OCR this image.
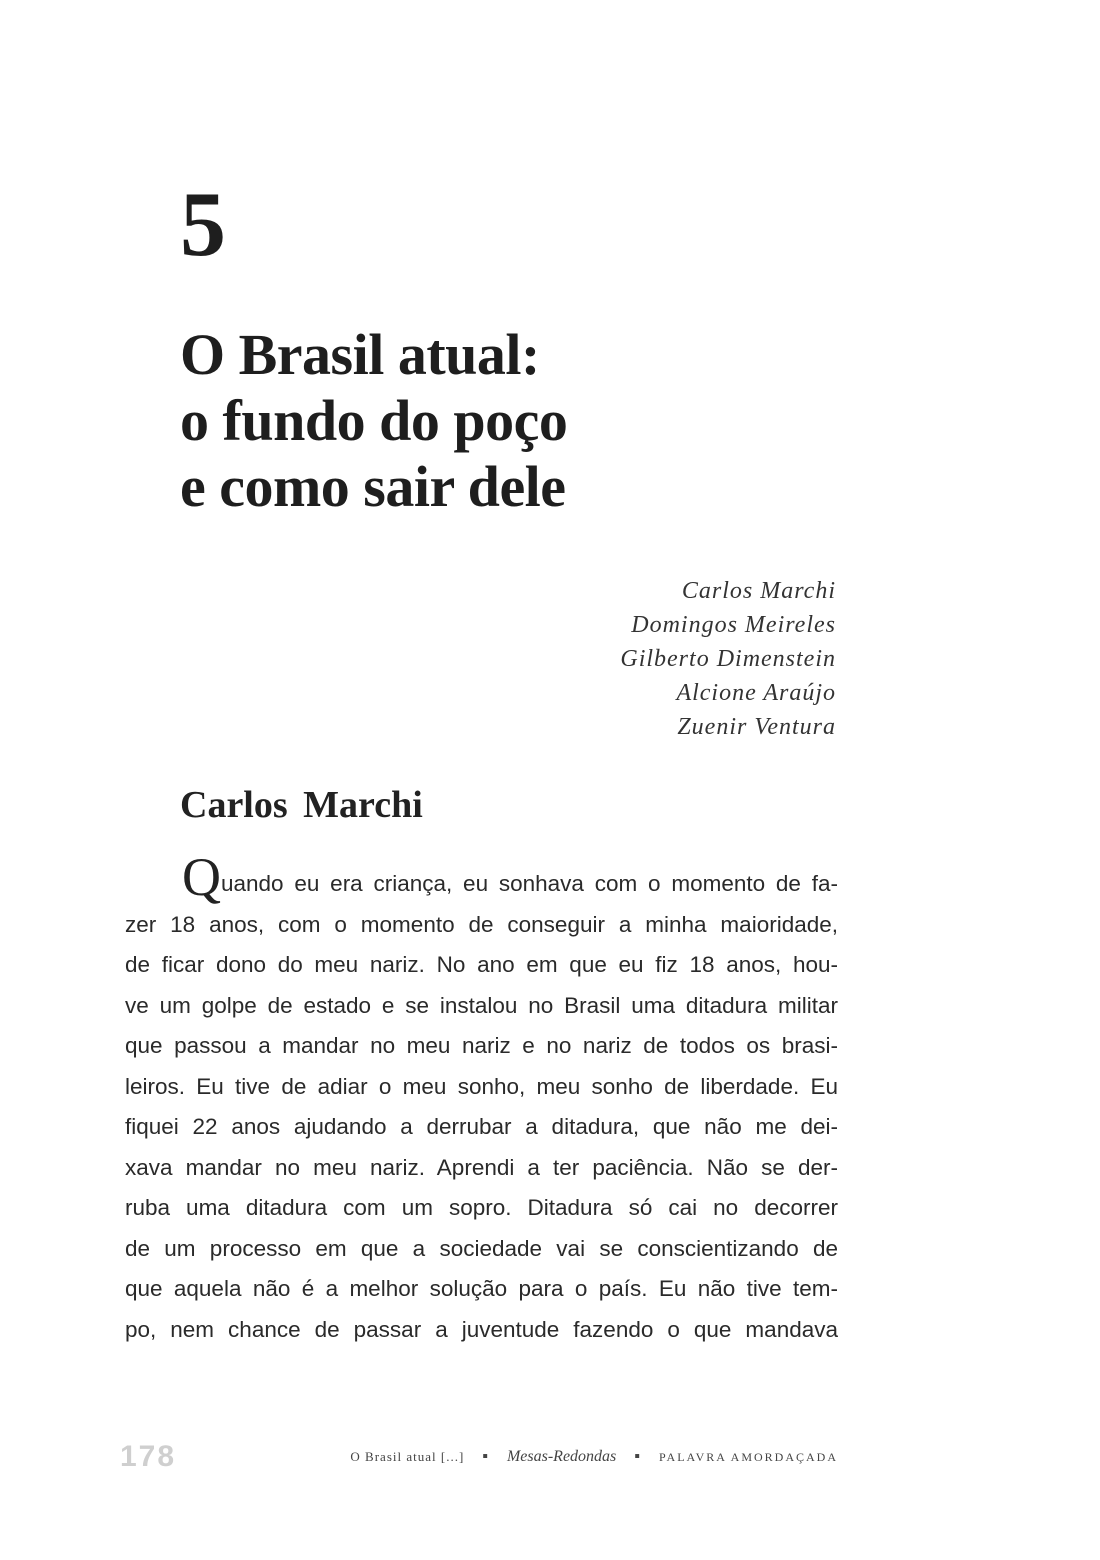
5
O Brasil atual:
o fundo do poço
e como sair dele
Carlos Marchi
Domingos Meireles
Gilberto Dimenstein
Alcione Araújo
Zuenir Ventura
Carlos Marchi
Quando eu era criança, eu sonhava com o momento de fa-
zer 18 anos, com o momento de conseguir a minha maioridade,
de ficar dono do meu nariz. No ano em que eu fiz 18 anos, hou-
ve um golpe de estado e se instalou no Brasil uma ditadura militar
que passou a mandar no meu nariz e no nariz de todos os brasi-
leiros. Eu tive de adiar o meu sonho, meu sonho de liberdade. Eu
fiquei 22 anos ajudando a derrubar a ditadura, que não me dei-
xava mandar no meu nariz. Aprendi a ter paciência. Não se der-
ruba uma ditadura com um sopro. Ditadura só cai no decorrer
de um processo em que a sociedade vai se conscientizando de
que aquela não é a melhor solução para o país. Eu não tive tem-
po, nem chance de passar a juventude fazendo o que mandava
178	O Brasil atual [...] ▪ Mesas-Redondas ▪ PALAVRA AMORDAÇADA
